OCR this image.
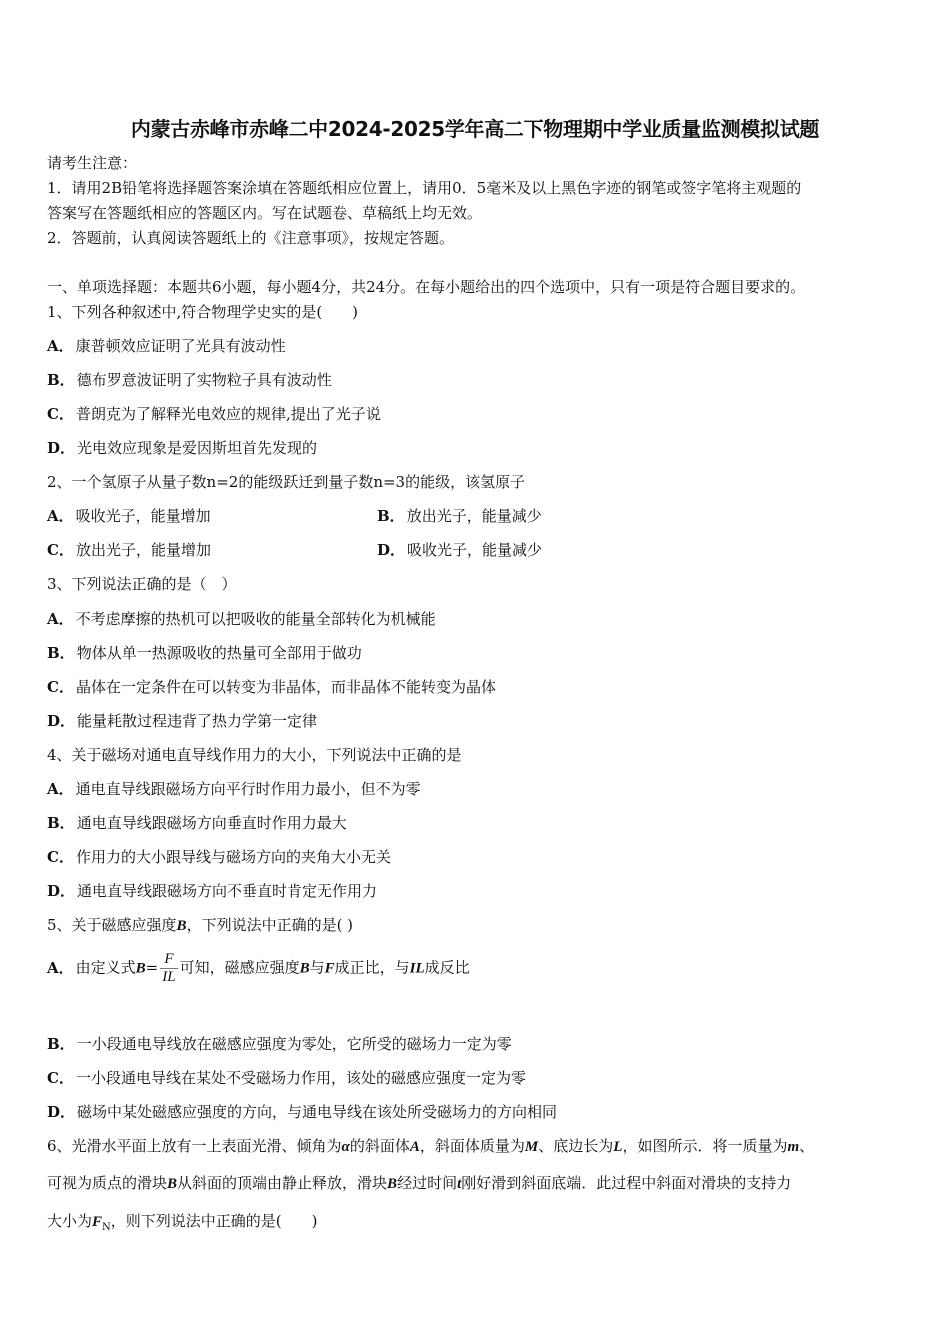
内蒙古赤峰市赤峰二中2024-2025学年高二下物理期中学业质量监测模拟试题
请考生注意：
1．请用2B铅笔将选择题答案涂填在答题纸相应位置上，请用0．5毫米及以上黑色字迹的钢笔或签字笔将主观题的
答案写在答题纸相应的答题区内。写在试题卷、草稿纸上均无效。
2．答题前，认真阅读答题纸上的《注意事项》，按规定答题。
一、单项选择题：本题共6小题，每小题4分，共24分。在每小题给出的四个选项中，只有一项是符合题目要求的。
1、下列各种叙述中,符合物理学史实的是(　　)
A． 康普顿效应证明了光具有波动性
B． 德布罗意波证明了实物粒子具有波动性
C． 普朗克为了解释光电效应的规律,提出了光子说
D． 光电效应现象是爱因斯坦首先发现的
2、一个氢原子从量子数n=2的能级跃迁到量子数n=3的能级，该氢原子
A． 吸收光子，能量增加	B． 放出光子，能量减少
C． 放出光子，能量增加	D． 吸收光子，能量减少
3、下列说法正确的是（　）
A． 不考虑摩擦的热机可以把吸收的能量全部转化为机械能
B． 物体从单一热源吸收的热量可全部用于做功
C． 晶体在一定条件在可以转变为非晶体，而非晶体不能转变为晶体
D． 能量耗散过程违背了热力学第一定律
4、关于磁场对通电直导线作用力的大小，下列说法中正确的是
A． 通电直导线跟磁场方向平行时作用力最小，但不为零
B． 通电直导线跟磁场方向垂直时作用力最大
C． 作用力的大小跟导线与磁场方向的夹角大小无关
D． 通电直导线跟磁场方向不垂直时肯定无作用力
5、关于磁感应强度B，下列说法中正确的是( )
A． 由定义式$B= \frac{F}{IL}$ 可知，磁感应强度B与F成正比，与IL成反比
B． 一小段通电导线放在磁感应强度为零处，它所受的磁场力一定为零
C． 一小段通电导线在某处不受磁场力作用，该处的磁感应强度一定为零
D． 磁场中某处磁感应强度的方向，与通电导线在该处所受磁场力的方向相同
6、光滑水平面上放有一上表面光滑、倾角为α的斜面体A，斜面体质量为M、底边长为L，如图所示．将一质量为m、
可视为质点的滑块B从斜面的顶端由静止释放，滑块B经过时间t刚好滑到斜面底端．此过程中斜面对滑块的支持力
大小为$F_N$，则下列说法中正确的是(　　)
